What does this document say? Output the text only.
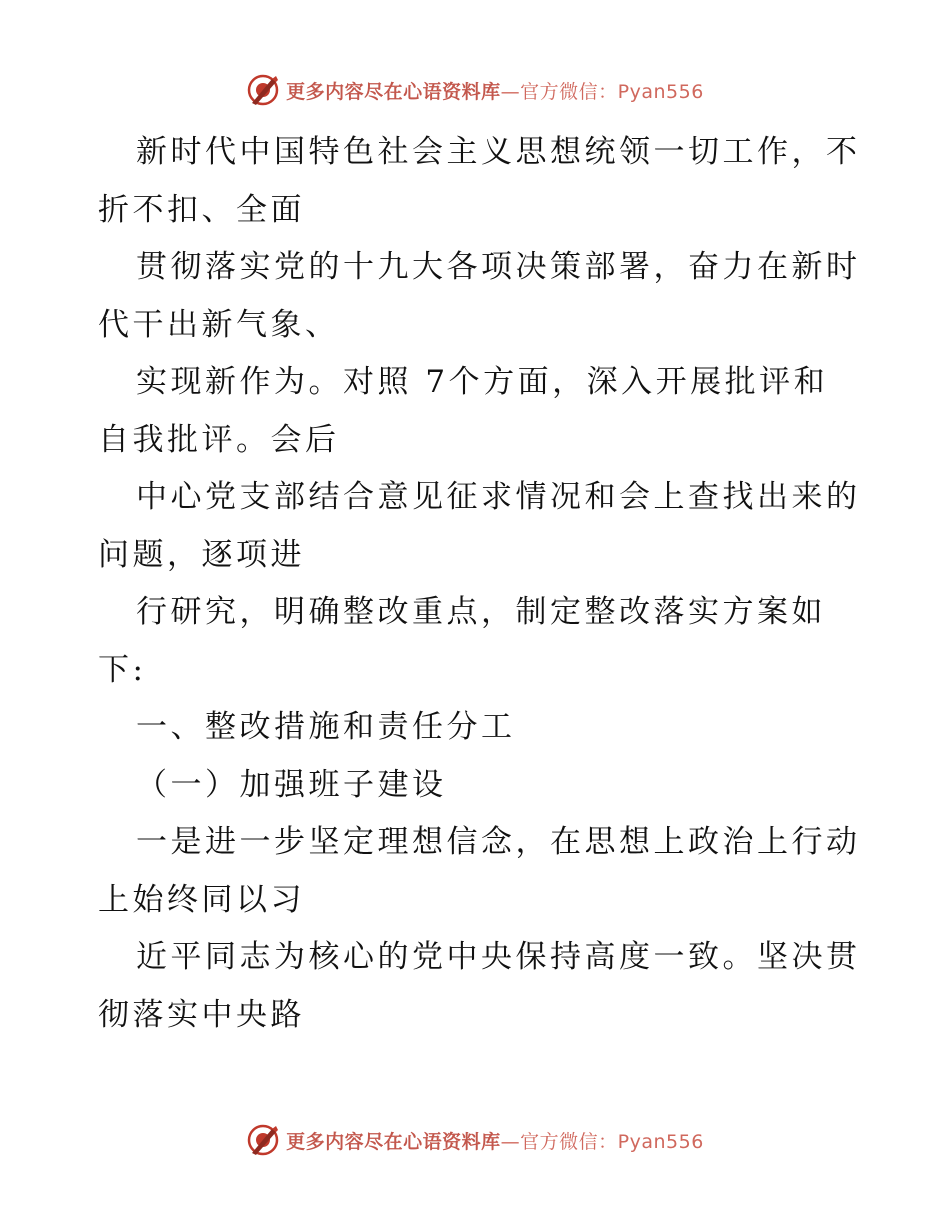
更多内容尽在心语资料库—官方微信：Pyan556
新时代中国特色社会主义思想统领一切工作，不
折不扣、全面
贯彻落实党的十九大各项决策部署，奋力在新时
代干出新气象、
实现新作为。对照 7个方面，深入开展批评和
自我批评。会后
中心党支部结合意见征求情况和会上查找出来的
问题，逐项进
行研究，明确整改重点，制定整改落实方案如
下:
一、整改措施和责任分工
（一）加强班子建设
一是进一步坚定理想信念，在思想上政治上行动
上始终同以习
近平同志为核心的党中央保持高度一致。坚决贯
彻落实中央路
更多内容尽在心语资料库—官方微信：Pyan556
